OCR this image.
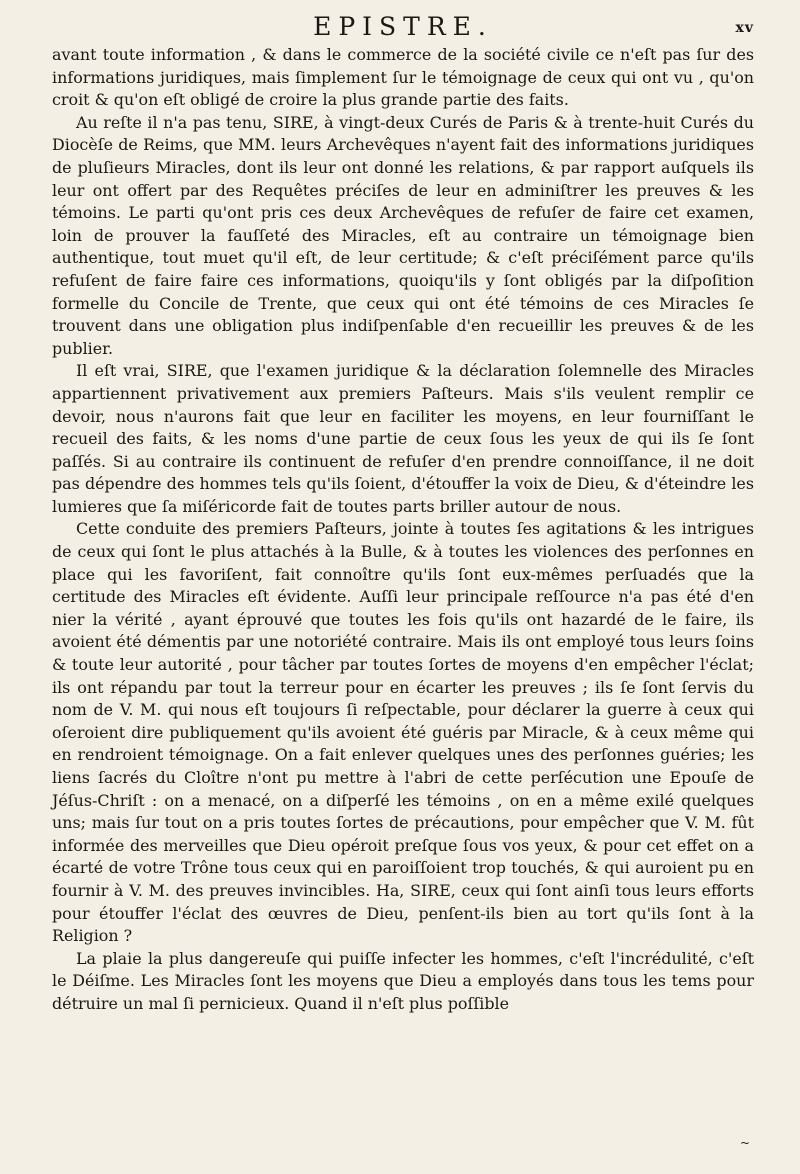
EPISTRE.	xv

avant toute information , & dans le commerce de la société civile ce n'eſt pas ſur des informations juridiques, mais ſimplement ſur le témoignage de ceux qui ont vu , qu'on croit & qu'on eſt obligé de croire la plus grande partie des faits.

Au reſte il n'a pas tenu, SIRE, à vingt-deux Curés de Paris & à trente-huit Curés du Diocèſe de Reims, que MM. leurs Archevêques n'ayent fait des informations juridiques de pluſieurs Miracles, dont ils leur ont donné les relations, & par rapport auſquels ils leur ont offert par des Requêtes préciſes de leur en adminiſtrer les preuves & les témoins. Le parti qu'ont pris ces deux Archevêques de refuſer de faire cet examen, loin de prouver la fauſſeté des Miracles, eſt au contraire un témoignage bien authentique, tout muet qu'il eſt, de leur certitude; & c'eſt préciſément parce qu'ils refuſent de faire faire ces informations, quoiqu'ils y ſont obligés par la diſpoſition formelle du Concile de Trente, que ceux qui ont été témoins de ces Miracles ſe trouvent dans une obligation plus indiſpenſable d'en recueillir les preuves & de les publier.

Il eſt vrai, SIRE, que l'examen juridique & la déclaration ſolemnelle des Miracles appartiennent privativement aux premiers Paſteurs. Mais s'ils veulent remplir ce devoir, nous n'aurons fait que leur en faciliter les moyens, en leur fourniſſant le recueil des faits, & les noms d'une partie de ceux ſous les yeux de qui ils ſe ſont paſſés. Si au contraire ils continuent de refuſer d'en prendre connoiſſance, il ne doit pas dépendre des hommes tels qu'ils ſoient, d'étouffer la voix de Dieu, & d'éteindre les lumieres que ſa miſéricorde fait de toutes parts briller autour de nous.

Cette conduite des premiers Paſteurs, jointe à toutes ſes agitations & les intrigues de ceux qui ſont le plus attachés à la Bulle, & à toutes les violences des perſonnes en place qui les favoriſent, fait connoître qu'ils ſont eux-mêmes perſuadés que la certitude des Miracles eſt évidente. Auſſi leur principale reſſource n'a pas été d'en nier la vérité , ayant éprouvé que toutes les fois qu'ils ont hazardé de le faire, ils avoient été démentis par une notoriété contraire. Mais ils ont employé tous leurs ſoins & toute leur autorité , pour tâcher par toutes ſortes de moyens d'en empêcher l'éclat; ils ont répandu par tout la terreur pour en écarter les preuves ; ils ſe ſont ſervis du nom de V. M. qui nous eſt toujours ſi reſpectable, pour déclarer la guerre à ceux qui oſeroient dire publiquement qu'ils avoient été guéris par Miracle, & à ceux même qui en rendroient témoignage. On a fait enlever quelques unes des perſonnes guéries; les liens ſacrés du Cloître n'ont pu mettre à l'abri de cette perſécution une Epouſe de Jéſus-Chriſt : on a menacé, on a diſperſé les témoins , on en a même exilé quelques uns; mais ſur tout on a pris toutes ſortes de précautions, pour empêcher que V. M. fût informée des merveilles que Dieu opéroit preſque ſous vos yeux, & pour cet effet on a écarté de votre Trône tous ceux qui en paroiſſoient trop touchés, & qui auroient pu en fournir à V. M. des preuves invincibles. Ha, SIRE, ceux qui ſont ainſi tous leurs efforts pour étouffer l'éclat des œuvres de Dieu, penſent-ils bien au tort qu'ils ſont à la Religion ?

La plaie la plus dangereuſe qui puiſſe infecter les hommes, c'eſt l'incrédulité, c'eſt le Déiſme. Les Miracles ſont les moyens que Dieu a employés dans tous les tems pour détruire un mal ſi pernicieux. Quand il n'eſt plus poſſible

~
